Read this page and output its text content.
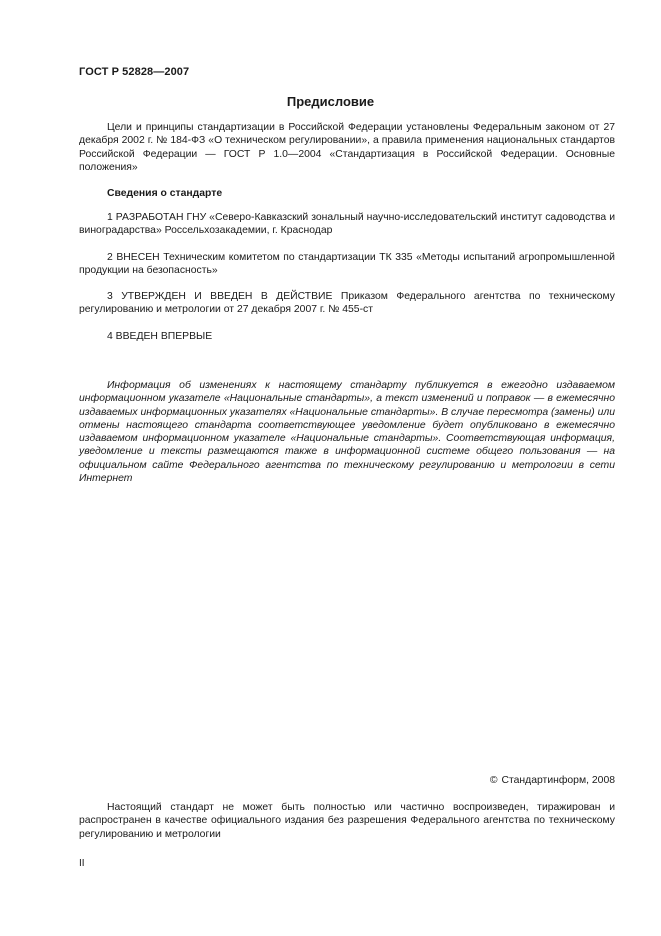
ГОСТ Р 52828—2007
Предисловие
Цели и принципы стандартизации в Российской Федерации установлены Федеральным законом от 27 декабря 2002 г. № 184-ФЗ «О техническом регулировании», а правила применения национальных стандартов Российской Федерации — ГОСТ Р 1.0—2004 «Стандартизация в Российской Федерации. Основные положения»
Сведения о стандарте
1 РАЗРАБОТАН ГНУ «Северо-Кавказский зональный научно-исследовательский институт садоводства и виноградарства» Россельхозакадемии, г. Краснодар
2 ВНЕСЕН Техническим комитетом по стандартизации ТК 335 «Методы испытаний агропромышленной продукции на безопасность»
3 УТВЕРЖДЕН И ВВЕДЕН В ДЕЙСТВИЕ Приказом Федерального агентства по техническому регулированию и метрологии от 27 декабря 2007 г. № 455-ст
4 ВВЕДЕН ВПЕРВЫЕ
Информация об изменениях к настоящему стандарту публикуется в ежегодно издаваемом информационном указателе «Национальные стандарты», а текст изменений и поправок — в ежемесячно издаваемых информационных указателях «Национальные стандарты». В случае пересмотра (замены) или отмены настоящего стандарта соответствующее уведомление будет опубликовано в ежемесячно издаваемом информационном указателе «Национальные стандарты». Соответствующая информация, уведомление и тексты размещаются также в информационной системе общего пользования — на официальном сайте Федерального агентства по техническому регулированию и метрологии в сети Интернет
© Стандартинформ, 2008
Настоящий стандарт не может быть полностью или частично воспроизведен, тиражирован и распространен в качестве официального издания без разрешения Федерального агентства по техническому регулированию и метрологии
II
